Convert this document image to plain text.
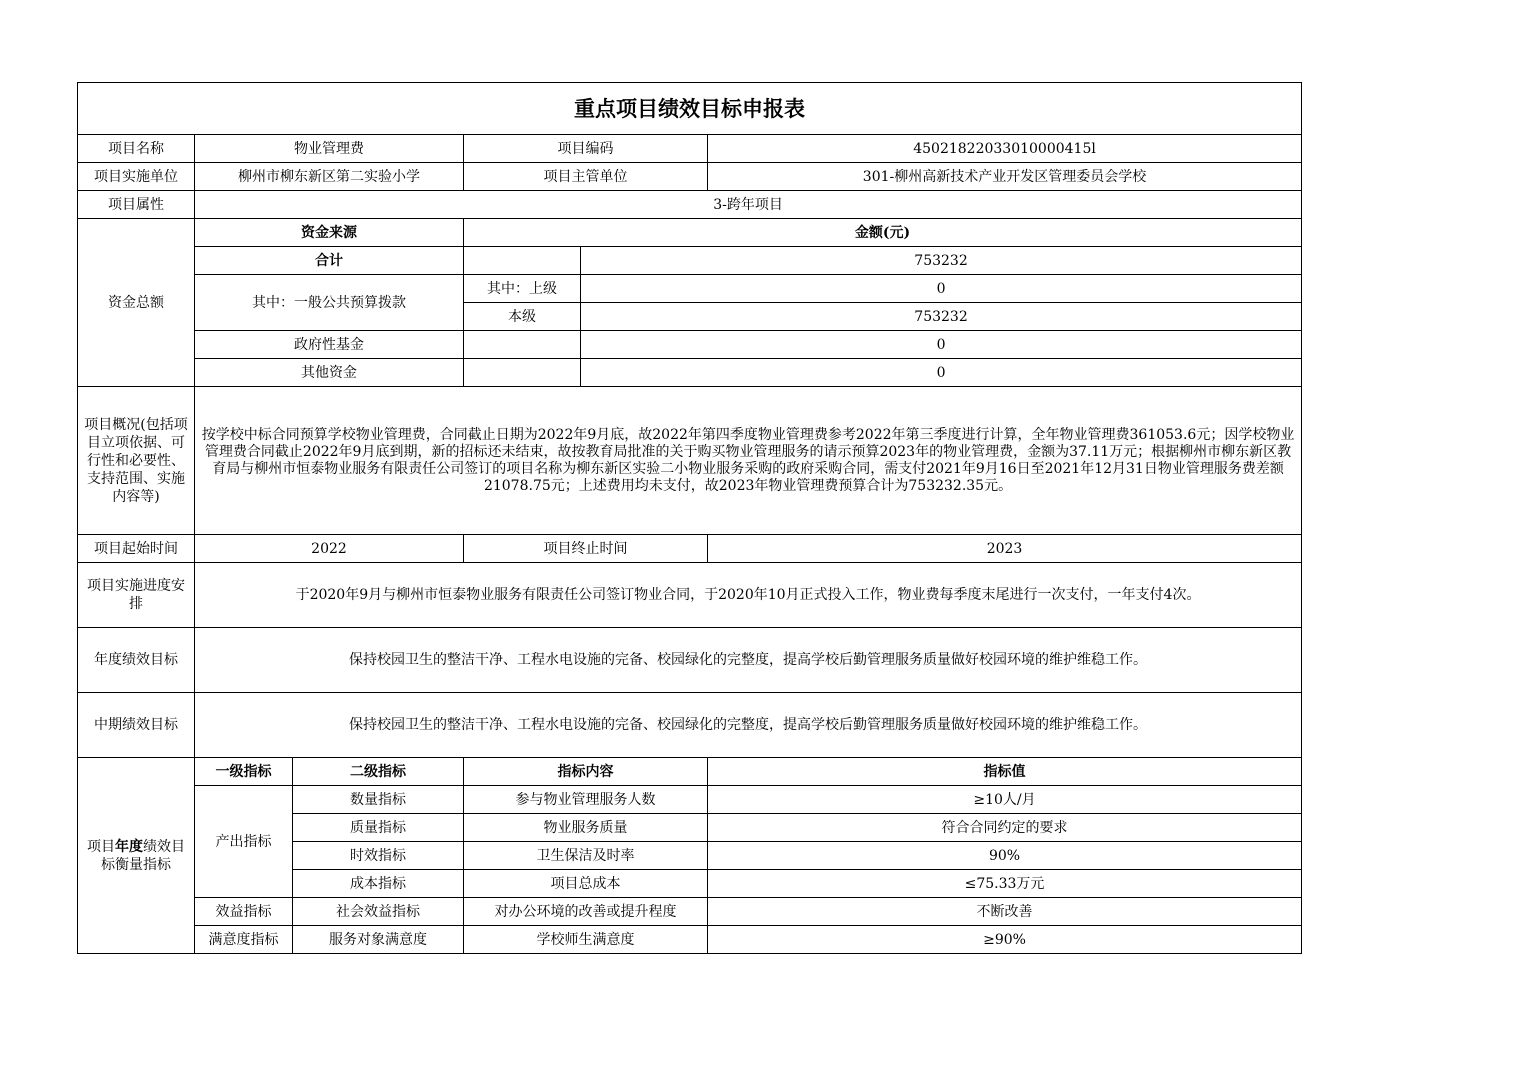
重点项目绩效目标申报表					
项目名称	物业管理费		项目编码		45021822033010000415l
项目实施单位	柳州市柳东新区第二实验小学		项目主管单位		301-柳州高新技术产业开发区管理委员会学校
项目属性	3-跨年项目				
资金总额	资金来源		金额(元)		
	合计			753232	
	其中：一般公共预算拨款		其中：上级	0	
			本级	753232	
	政府性基金			0	
	其他资金			0	
项目概况(包括项目立项依据、可行性和必要性、支持范围、实施内容等)	按学校中标合同预算学校物业管理费，合同截止日期为2022年9月底，故2022年第四季度物业管理费参考2022年第三季度进行计算，全年物业管理费361053.6元；因学校物业管理费合同截止2022年9月底到期，新的招标还未结束，故按教育局批准的关于购买物业管理服务的请示预算2023年的物业管理费，金额为37.11万元；根据柳州市柳东新区教育局与柳州市恒泰物业服务有限责任公司签订的项目名称为柳东新区实验二小物业服务采购的政府采购合同，需支付2021年9月16日至2021年12月31日物业管理服务费差额21078.75元；上述费用均未支付，故2023年物业管理费预算合计为753232.35元。				
项目起始时间	2022		项目终止时间		2023
项目实施进度安排	于2020年9月与柳州市恒泰物业服务有限责任公司签订物业合同，于2020年10月正式投入工作，物业费每季度末尾进行一次支付，一年支付4次。				
年度绩效目标	保持校园卫生的整洁干净、工程水电设施的完备、校园绿化的完整度，提高学校后勤管理服务质量做好校园环境的维护维稳工作。				
中期绩效目标	保持校园卫生的整洁干净、工程水电设施的完备、校园绿化的完整度，提高学校后勤管理服务质量做好校园环境的维护维稳工作。				
项目年度绩效目标衡量指标	一级指标	二级指标	指标内容		指标值
	产出指标	数量指标	参与物业管理服务人数		≥10人/月
		质量指标	物业服务质量		符合合同约定的要求
		时效指标	卫生保洁及时率		90%
		成本指标	项目总成本		≤75.33万元
	效益指标	社会效益指标	对办公环境的改善或提升程度		不断改善
	满意度指标	服务对象满意度	学校师生满意度		≥90%
